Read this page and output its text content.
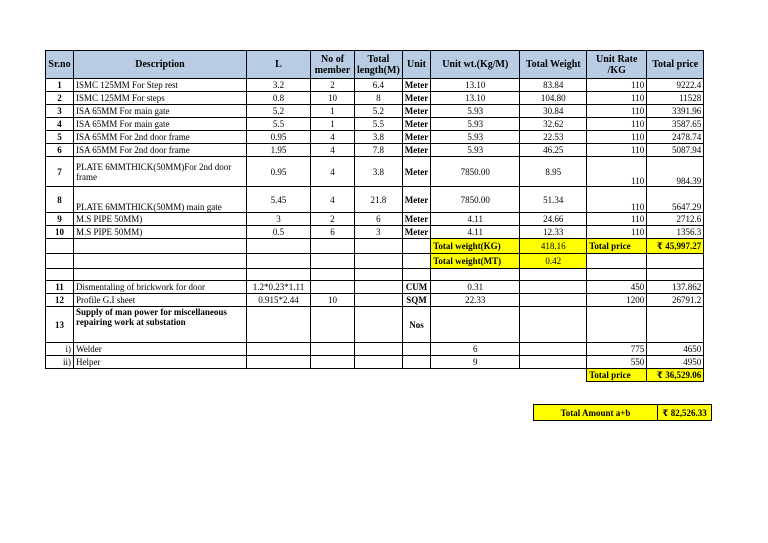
Sr.no	Description	L	No of member	Total length(M)	Unit	Unit wt.(Kg/M)	Total Weight	Unit Rate /KG	Total price
1	ISMC 125MM For Step rest	3.2	2	6.4	Meter	13.10	83.84	110	9222.4
2	ISMC 125MM For steps	0.8	10	8	Meter	13.10	104.80	110	11528
3	ISA 65MM For main gate	5.2	1	5.2	Meter	5.93	30.84	110	3391.96
4	ISA 65MM For main gate	5.5	1	5.5	Meter	5.93	32.62	110	3587.65
5	ISA 65MM For 2nd door frame	0.95	4	3.8	Meter	5.93	22.53	110	2478.74
6	ISA 65MM For 2nd door frame	1.95	4	7.8	Meter	5.93	46.25	110	5087.94
7	PLATE 6MMTHICK(50MM)For 2nd door frame	0.95	4	3.8	Meter	7850.00	8.95	110	984.39
8	PLATE 6MMTHICK(50MM) main gate	5.45	4	21.8	Meter	7850.00	51.34	110	5647.29
9	M.S PIPE 50MM)	3	2	6	Meter	4.11	24.66	110	2712.6
10	M.S PIPE 50MM)	0.5	6	3	Meter	4.11	12.33	110	1356.3
						Total weight(KG)	418.16	Total price	₹ 45,997.27
						Total weight(MT)	0.42		

11	Dismentaling of brickwork for door	1.2*0.23*1.11			CUM	0.31		450	137.862
12	Profile G.I sheet	0.915*2.44	10		SQM	22.33		1200	26791.2
13	Supply of man power for miscellaneous repairing work at substation				Nos				
i)	Welder					6		775	4650
ii)	Helper					9		550	4950
								Total price	₹ 36,529.06
Total Amount a+b	₹ 82,526.33
